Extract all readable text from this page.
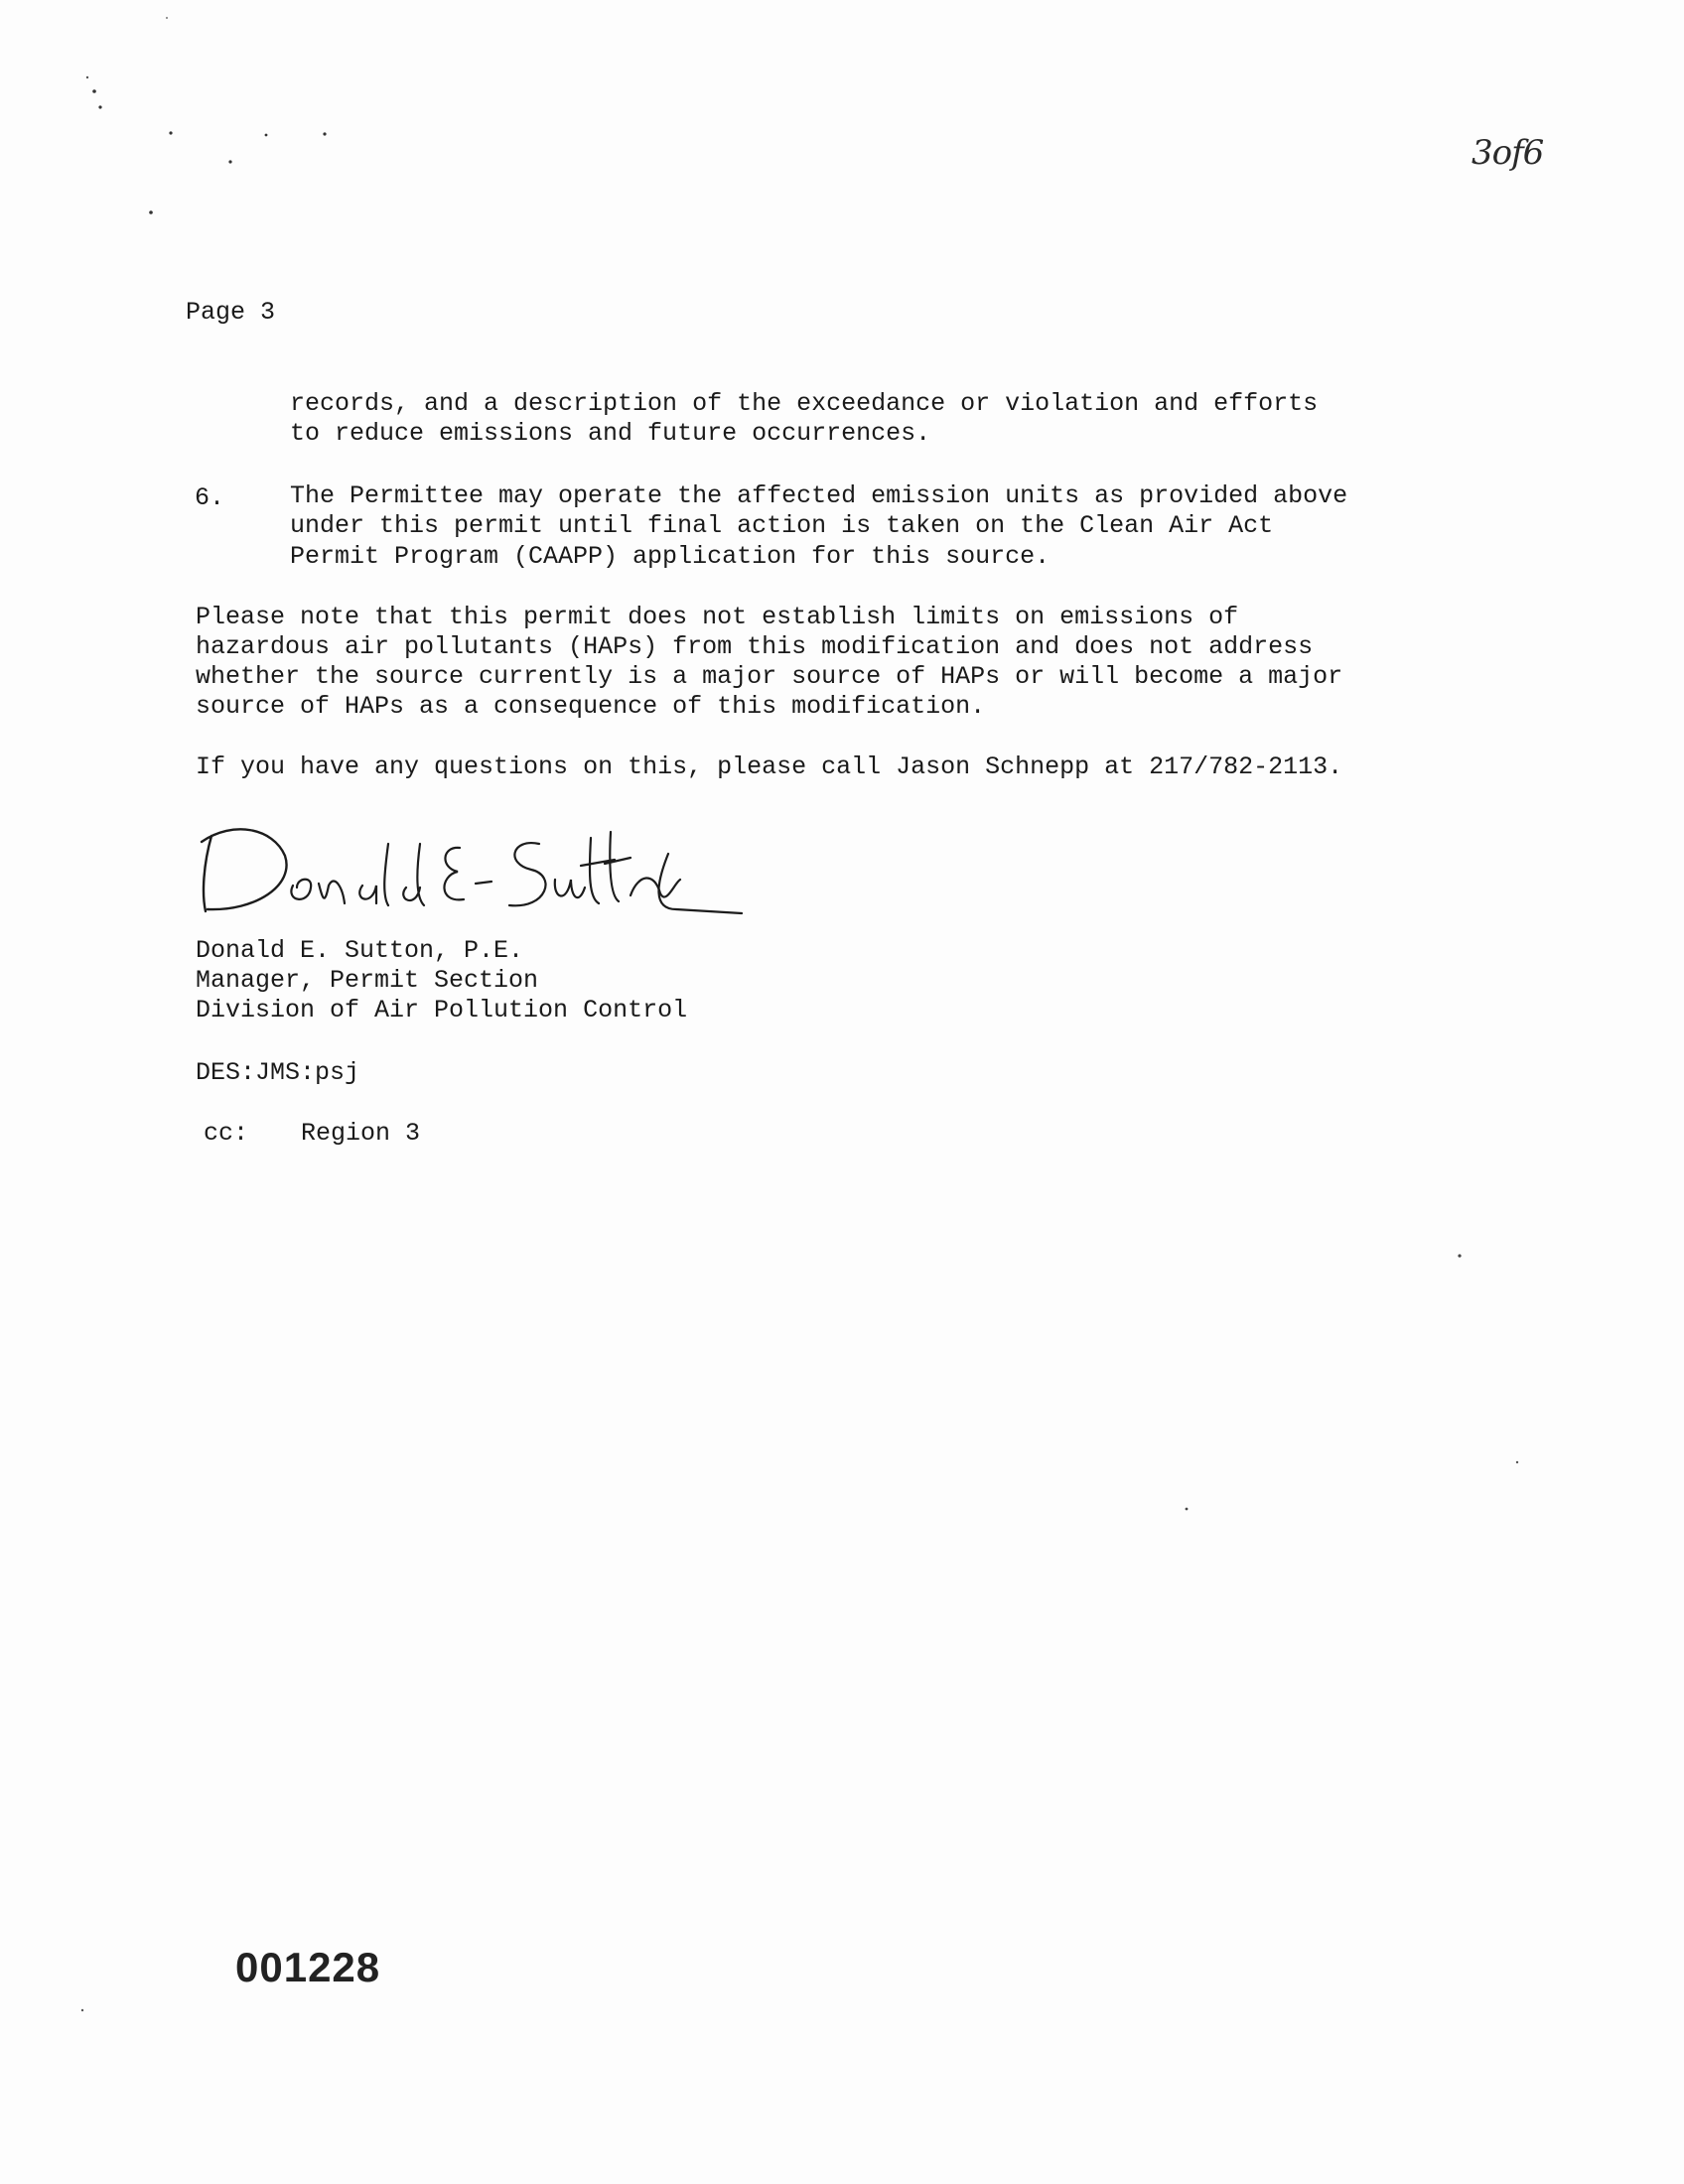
3of6
Page 3
records, and a description of the exceedance or violation and efforts
to reduce emissions and future occurrences.
6.	The Permittee may operate the affected emission units as provided above
under this permit until final action is taken on the Clean Air Act
Permit Program (CAAPP) application for this source.
Please note that this permit does not establish limits on emissions of
hazardous air pollutants (HAPs) from this modification and does not address
whether the source currently is a major source of HAPs or will become a major
source of HAPs as a consequence of this modification.
If you have any questions on this, please call Jason Schnepp at 217/782-2113.
Donald E. Sutton, P.E.
Manager, Permit Section
Division of Air Pollution Control
DES:JMS:psj
cc: Region 3
001228
